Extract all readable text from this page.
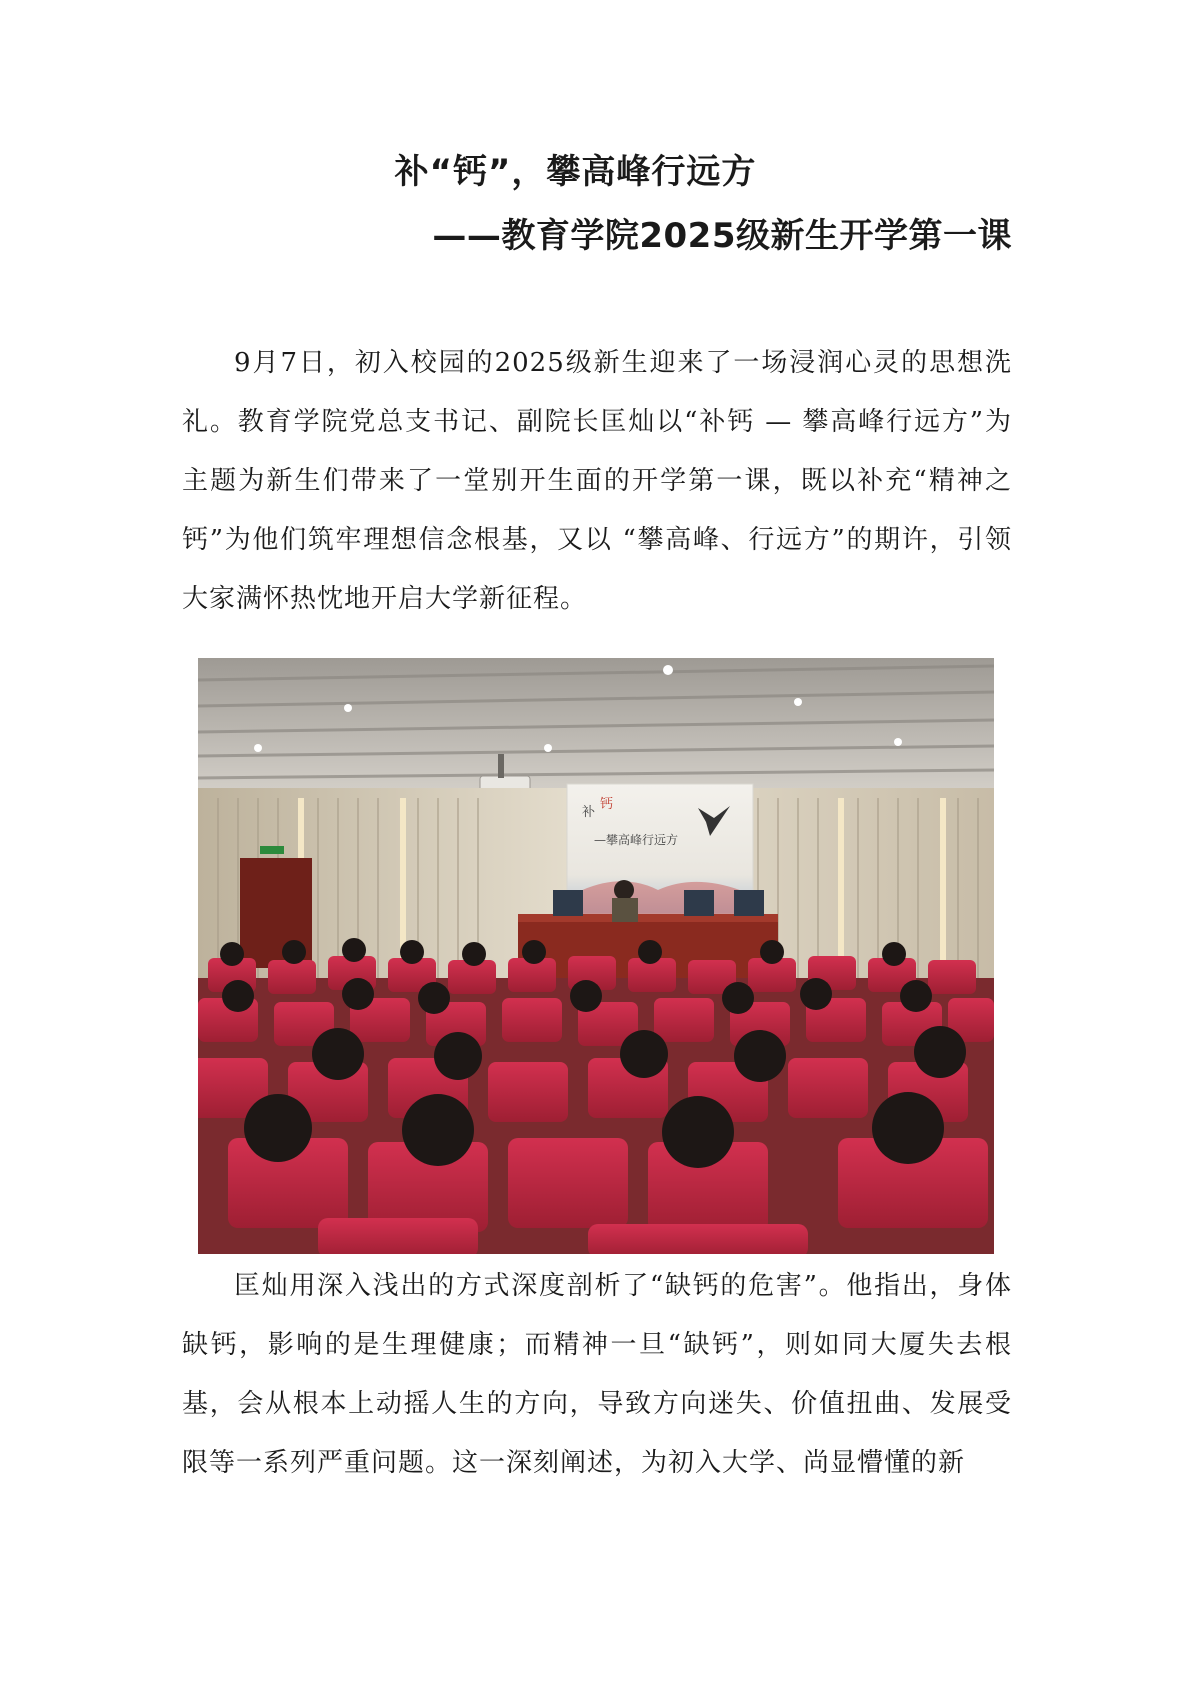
补“钙”，攀高峰行远方
——教育学院2025级新生开学第一课

9月7日，初入校园的2025级新生迎来了一场浸润心灵的思想洗礼。教育学院党总支书记、副院长匡灿以“补钙 — 攀高峰行远方”为主题为新生们带来了一堂别开生面的开学第一课，既以补充“精神之钙”为他们筑牢理想信念根基，又以 “攀高峰、行远方”的期许，引领大家满怀热忱地开启大学新征程。

补
钙
—攀高峰行远方

匡灿用深入浅出的方式深度剖析了“缺钙的危害”。他指出，身体缺钙，影响的是生理健康；而精神一旦“缺钙”，则如同大厦失去根基，会从根本上动摇人生的方向，导致方向迷失、价值扭曲、发展受限等一系列严重问题。这一深刻阐述，为初入大学、尚显懵懂的新
